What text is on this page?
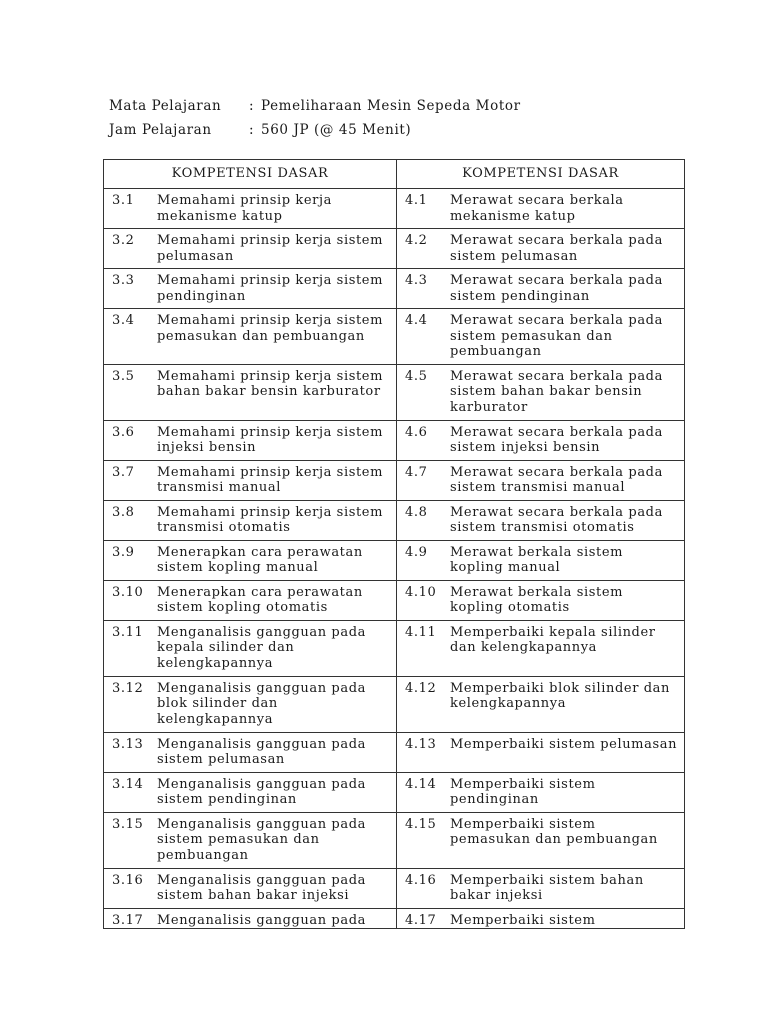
Mata Pelajaran	: Pemeliharaan Mesin Sepeda Motor
Jam Pelajaran	: 560 JP (@ 45 Menit)
KOMPETENSI DASAR	KOMPETENSI DASAR

3.1 Memahami prinsip kerja mekanisme katup	4.1 Merawat secara berkala mekanisme katup

3.2 Memahami prinsip kerja sistem pelumasan	4.2 Merawat secara berkala pada sistem pelumasan

3.3 Memahami prinsip kerja sistem pendinginan	4.3 Merawat secara berkala pada sistem pendinginan

3.4 Memahami prinsip kerja sistem pemasukan dan pembuangan	4.4 Merawat secara berkala pada sistem pemasukan dan pembuangan

3.5 Memahami prinsip kerja sistem bahan bakar bensin karburator	4.5 Merawat secara berkala pada sistem bahan bakar bensin karburator

3.6 Memahami prinsip kerja sistem injeksi bensin	4.6 Merawat secara berkala pada sistem injeksi bensin

3.7 Memahami prinsip kerja sistem transmisi manual	4.7 Merawat secara berkala pada sistem transmisi manual

3.8 Memahami prinsip kerja sistem transmisi otomatis	4.8 Merawat secara berkala pada sistem transmisi otomatis

3.9 Menerapkan cara perawatan sistem kopling manual	4.9 Merawat berkala sistem kopling manual

3.10 Menerapkan cara perawatan sistem kopling otomatis	4.10 Merawat berkala sistem kopling otomatis

3.11 Menganalisis gangguan pada kepala silinder dan kelengkapannya	4.11 Memperbaiki kepala silinder dan kelengkapannya

3.12 Menganalisis gangguan pada blok silinder dan kelengkapannya	4.12 Memperbaiki blok silinder dan kelengkapannya

3.13 Menganalisis gangguan pada sistem pelumasan	4.13 Memperbaiki sistem pelumasan

3.14 Menganalisis gangguan pada sistem pendinginan	4.14 Memperbaiki sistem pendinginan

3.15 Menganalisis gangguan pada sistem pemasukan dan pembuangan	4.15 Memperbaiki sistem pemasukan dan pembuangan

3.16 Menganalisis gangguan pada sistem bahan bakar injeksi	4.16 Memperbaiki sistem bahan bakar injeksi

3.17 Menganalisis gangguan pada	4.17 Memperbaiki sistem
